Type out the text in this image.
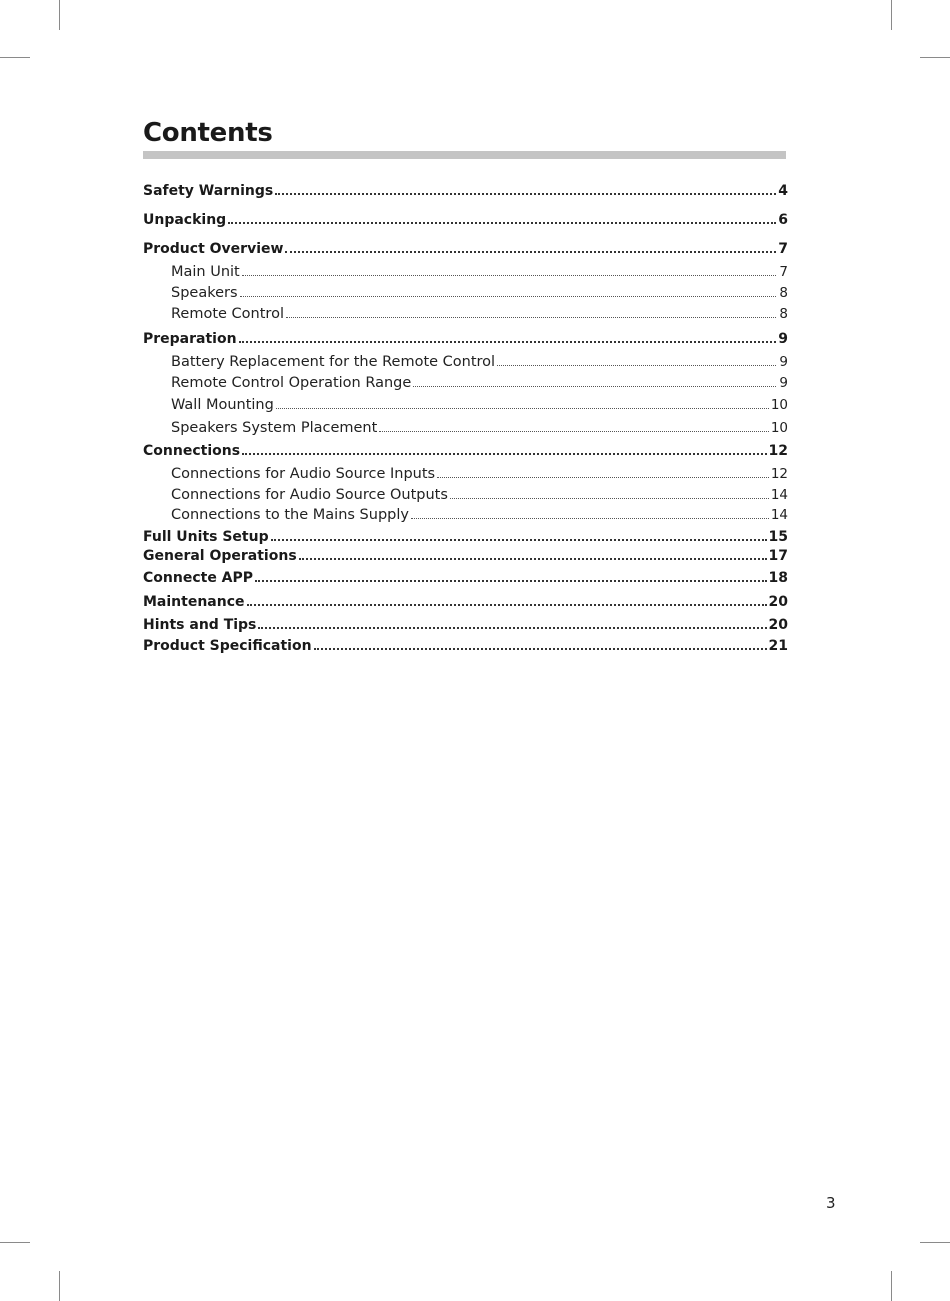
Contents
Safety Warnings	4
Unpacking	6
Product Overview	7
Main Unit	7
Speakers	8
Remote Control	8
Preparation	9
Battery Replacement for the Remote Control	9
Remote Control Operation Range	9
Wall Mounting	10
Speakers System Placement	10
Connections	12
Connections for Audio Source Inputs	12
Connections for Audio Source Outputs	14
Connections to the Mains Supply	14
Full Units Setup	15
General Operations	17
Connecte APP	18
Maintenance	20
Hints and Tips	20
Product Specification	21
3
